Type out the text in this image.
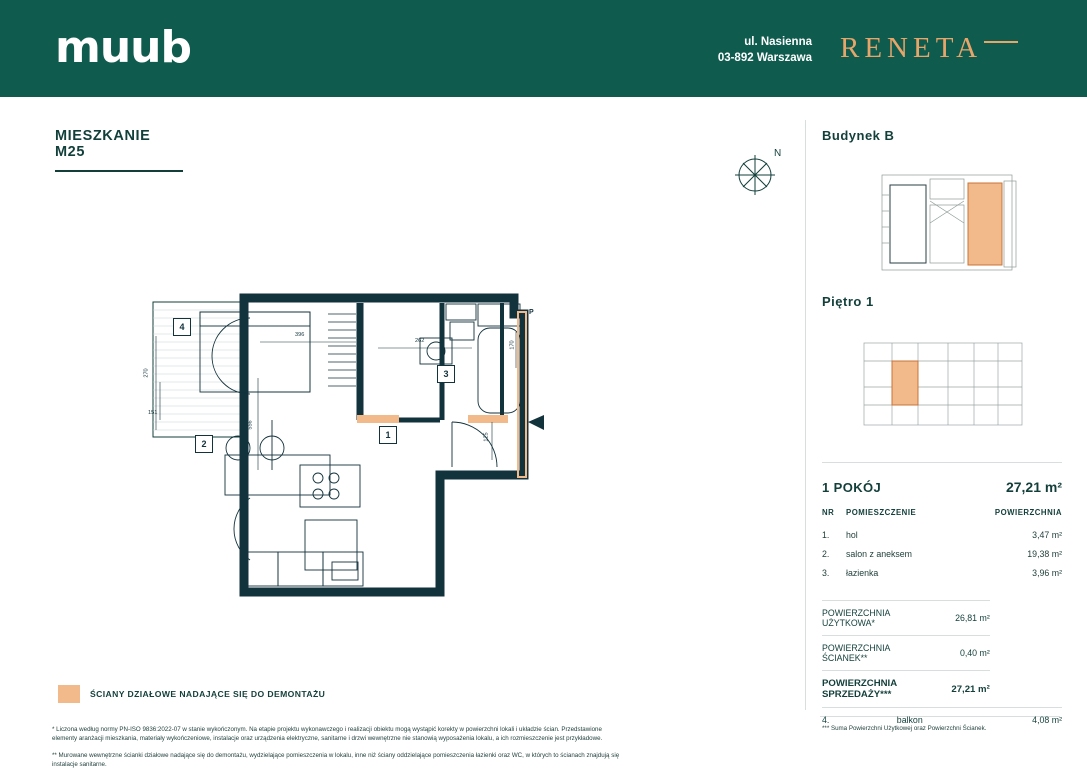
muub	ul. Nasienna
03-892 Warszawa RENETA
MIESZKANIE M25	N
1
2
3
4
396
262	170
151
270
556
125
P
ŚCIANY DZIAŁOWE NADAJĄCE SIĘ DO DEMONTAŻU

* Liczona według normy PN-ISO 9836:2022-07 w stanie wykończonym. Na etapie projektu wykonawczego i realizacji obiektu mogą wystąpić korekty w powierzchni lokali i układzie ścian. Przedstawione elementy aranżacji mieszkania, materiały wykończeniowe, instalacje oraz urządzenia elektryczne, sanitarne i drzwi wewnętrzne nie stanowią wyposażenia lokalu, a ich rozmieszczenie jest przykładowe.

** Murowane wewnętrzne ścianki działowe nadające się do demontażu, wydzielające pomieszczenia w lokalu, inne niż ściany oddzielające pomieszczenia łazienki oraz WC, w których to ścianach znajdują się instalacje sanitarne.

Budynek B
Piętro 1
1 POKÓJ	27,21 m²
NR	POMIESZCZENIE	POWIERZCHNIA
1.	hol	3,47 m²
2.	salon z aneksem	19,38 m²
3.	łazienka	3,96 m²
POWIERZCHNIA UŻYTKOWA*	26,81 m²	
POWIERZCHNIA ŚCIANEK**	0,40 m²	
POWIERZCHNIA SPRZEDAŻY***	27,21 m²	
4.	balkon	4,08 m²
*** Suma Powierzchni Użytkowej oraz Powierzchni Ścianek.
